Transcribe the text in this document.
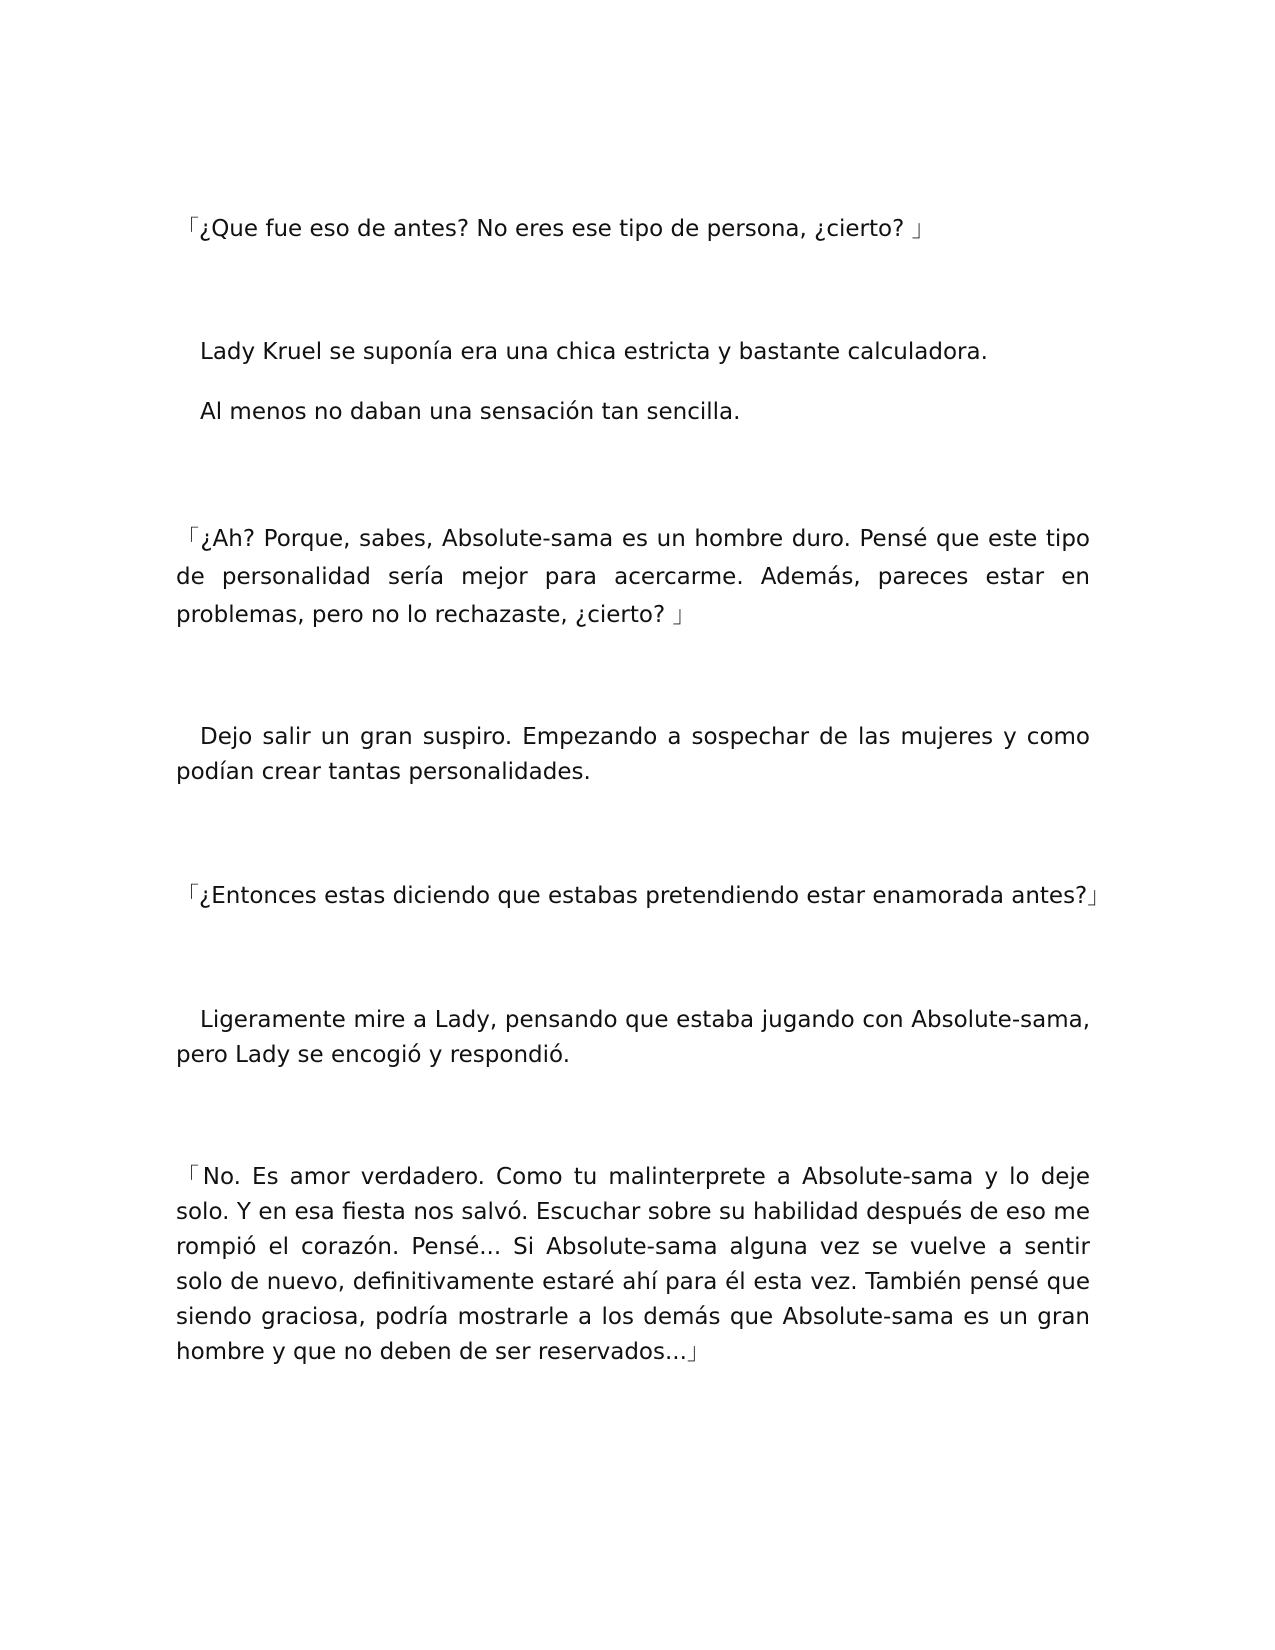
「¿Que fue eso de antes? No eres ese tipo de persona, ¿cierto? 」

Lady Kruel se suponía era una chica estricta y bastante calculadora.

Al menos no daban una sensación tan sencilla.

「¿Ah? Porque, sabes, Absolute-sama es un hombre duro. Pensé que este tipo de personalidad sería mejor para acercarme. Además, pareces estar en problemas, pero no lo rechazaste, ¿cierto? 」

Dejo salir un gran suspiro. Empezando a sospechar de las mujeres y como podían crear tantas personalidades.

「¿Entonces estas diciendo que estabas pretendiendo estar enamorada antes?」

Ligeramente mire a Lady, pensando que estaba jugando con Absolute-sama, pero Lady se encogió y respondió.

「No. Es amor verdadero. Como tu malinterprete a Absolute-sama y lo deje solo. Y en esa fiesta nos salvó. Escuchar sobre su habilidad después de eso me rompió el corazón. Pensé... Si Absolute-sama alguna vez se vuelve a sentir solo de nuevo, definitivamente estaré ahí para él esta vez. También pensé que siendo graciosa, podría mostrarle a los demás que Absolute-sama es un gran hombre y que no deben de ser reservados...」
